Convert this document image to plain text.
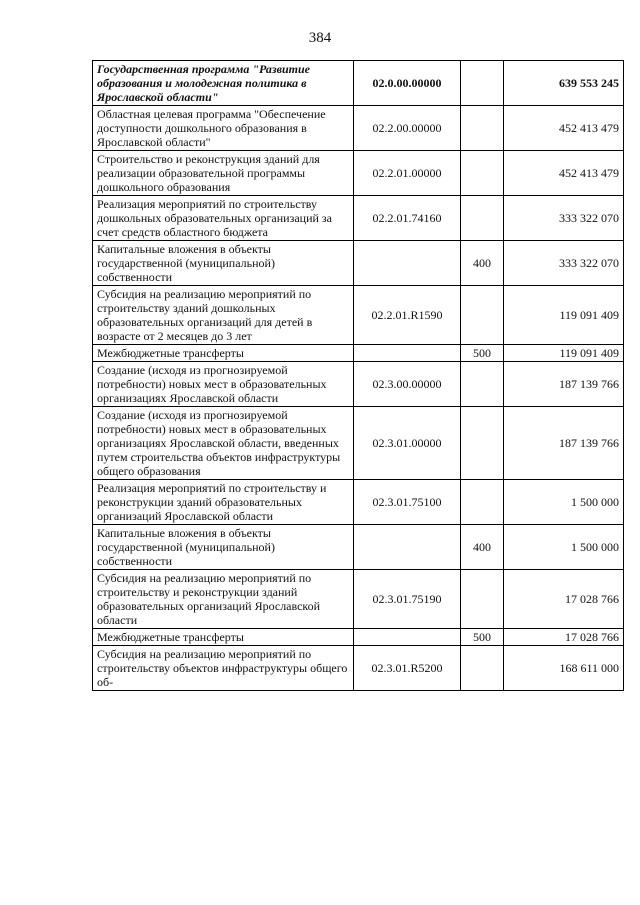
384
Государственная программа "Развитие образования и молодежная политика в Ярославской области"	02.0.00.00000		639 553 245
Областная целевая программа "Обеспечение доступности дошкольного образования в Ярославской области"	02.2.00.00000		452 413 479
Строительство и реконструкция зданий для реализации образовательной программы дошкольного образования	02.2.01.00000		452 413 479
Реализация мероприятий по строительству дошкольных образовательных организаций за счет средств областного бюджета	02.2.01.74160		333 322 070
Капитальные вложения в объекты государственной (муниципальной) собственности		400	333 322 070
Субсидия на реализацию мероприятий по строительству зданий дошкольных образовательных организаций для детей в возрасте от 2 месяцев до 3 лет	02.2.01.R1590		119 091 409
Межбюджетные трансферты		500	119 091 409
Создание (исходя из прогнозируемой потребности) новых мест в образовательных организациях Ярославской области	02.3.00.00000		187 139 766
Создание (исходя из прогнозируемой потребности) новых мест в образовательных организациях Ярославской области, введенных путем строительства объектов инфраструктуры общего образования	02.3.01.00000		187 139 766
Реализация мероприятий по строительству и реконструкции зданий образовательных организаций Ярославской области	02.3.01.75100		1 500 000
Капитальные вложения в объекты государственной (муниципальной) собственности		400	1 500 000
Субсидия на реализацию мероприятий по строительству и реконструкции зданий образовательных организаций Ярославской области	02.3.01.75190		17 028 766
Межбюджетные трансферты		500	17 028 766
Субсидия на реализацию мероприятий по строительству объектов инфраструктуры общего об-	02.3.01.R5200		168 611 000
